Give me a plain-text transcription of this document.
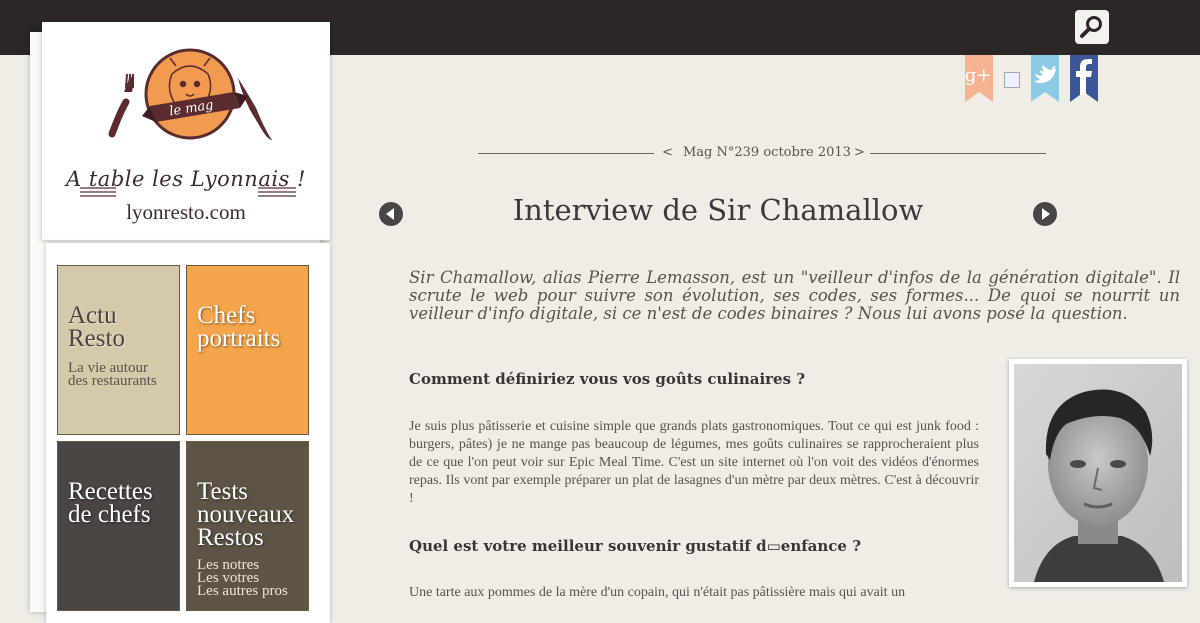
le mag
A table les Lyonnais !
lyonresto.com
Actu
Resto
La vie autour
des restaurants
Chefs
portraits
Recettes
de chefs
Tests
nouveaux
Restos
Les notres
Les votres
Les autres pros
g+
< Mag N°239 octobre 2013 >
Interview de Sir Chamallow
Sir Chamallow, alias Pierre Lemasson, est un "veilleur d'infos de la génération digitale". Il scrute le web pour suivre son évolution, ses codes, ses formes... De quoi se nourrit un veilleur d'info digitale, si ce n'est de codes binaires ? Nous lui avons posé la question.
Comment définiriez vous vos goûts culinaires ?
Je suis plus pâtisserie et cuisine simple que grands plats gastronomiques. Tout ce qui est junk food : burgers, pâtes) je ne mange pas beaucoup de légumes, mes goûts culinaires se rapprocheraient plus de ce que l'on peut voir sur Epic Meal Time. C'est un site internet où l'on voit des vidéos d'énormes repas. Ils vont par exemple préparer un plat de lasagnes d'un mètre par deux mètres. C'est à découvrir !
Quel est votre meilleur souvenir gustatif d▭enfance ?
Une tarte aux pommes de la mère d'un copain, qui n'était pas pâtissière mais qui avait un
